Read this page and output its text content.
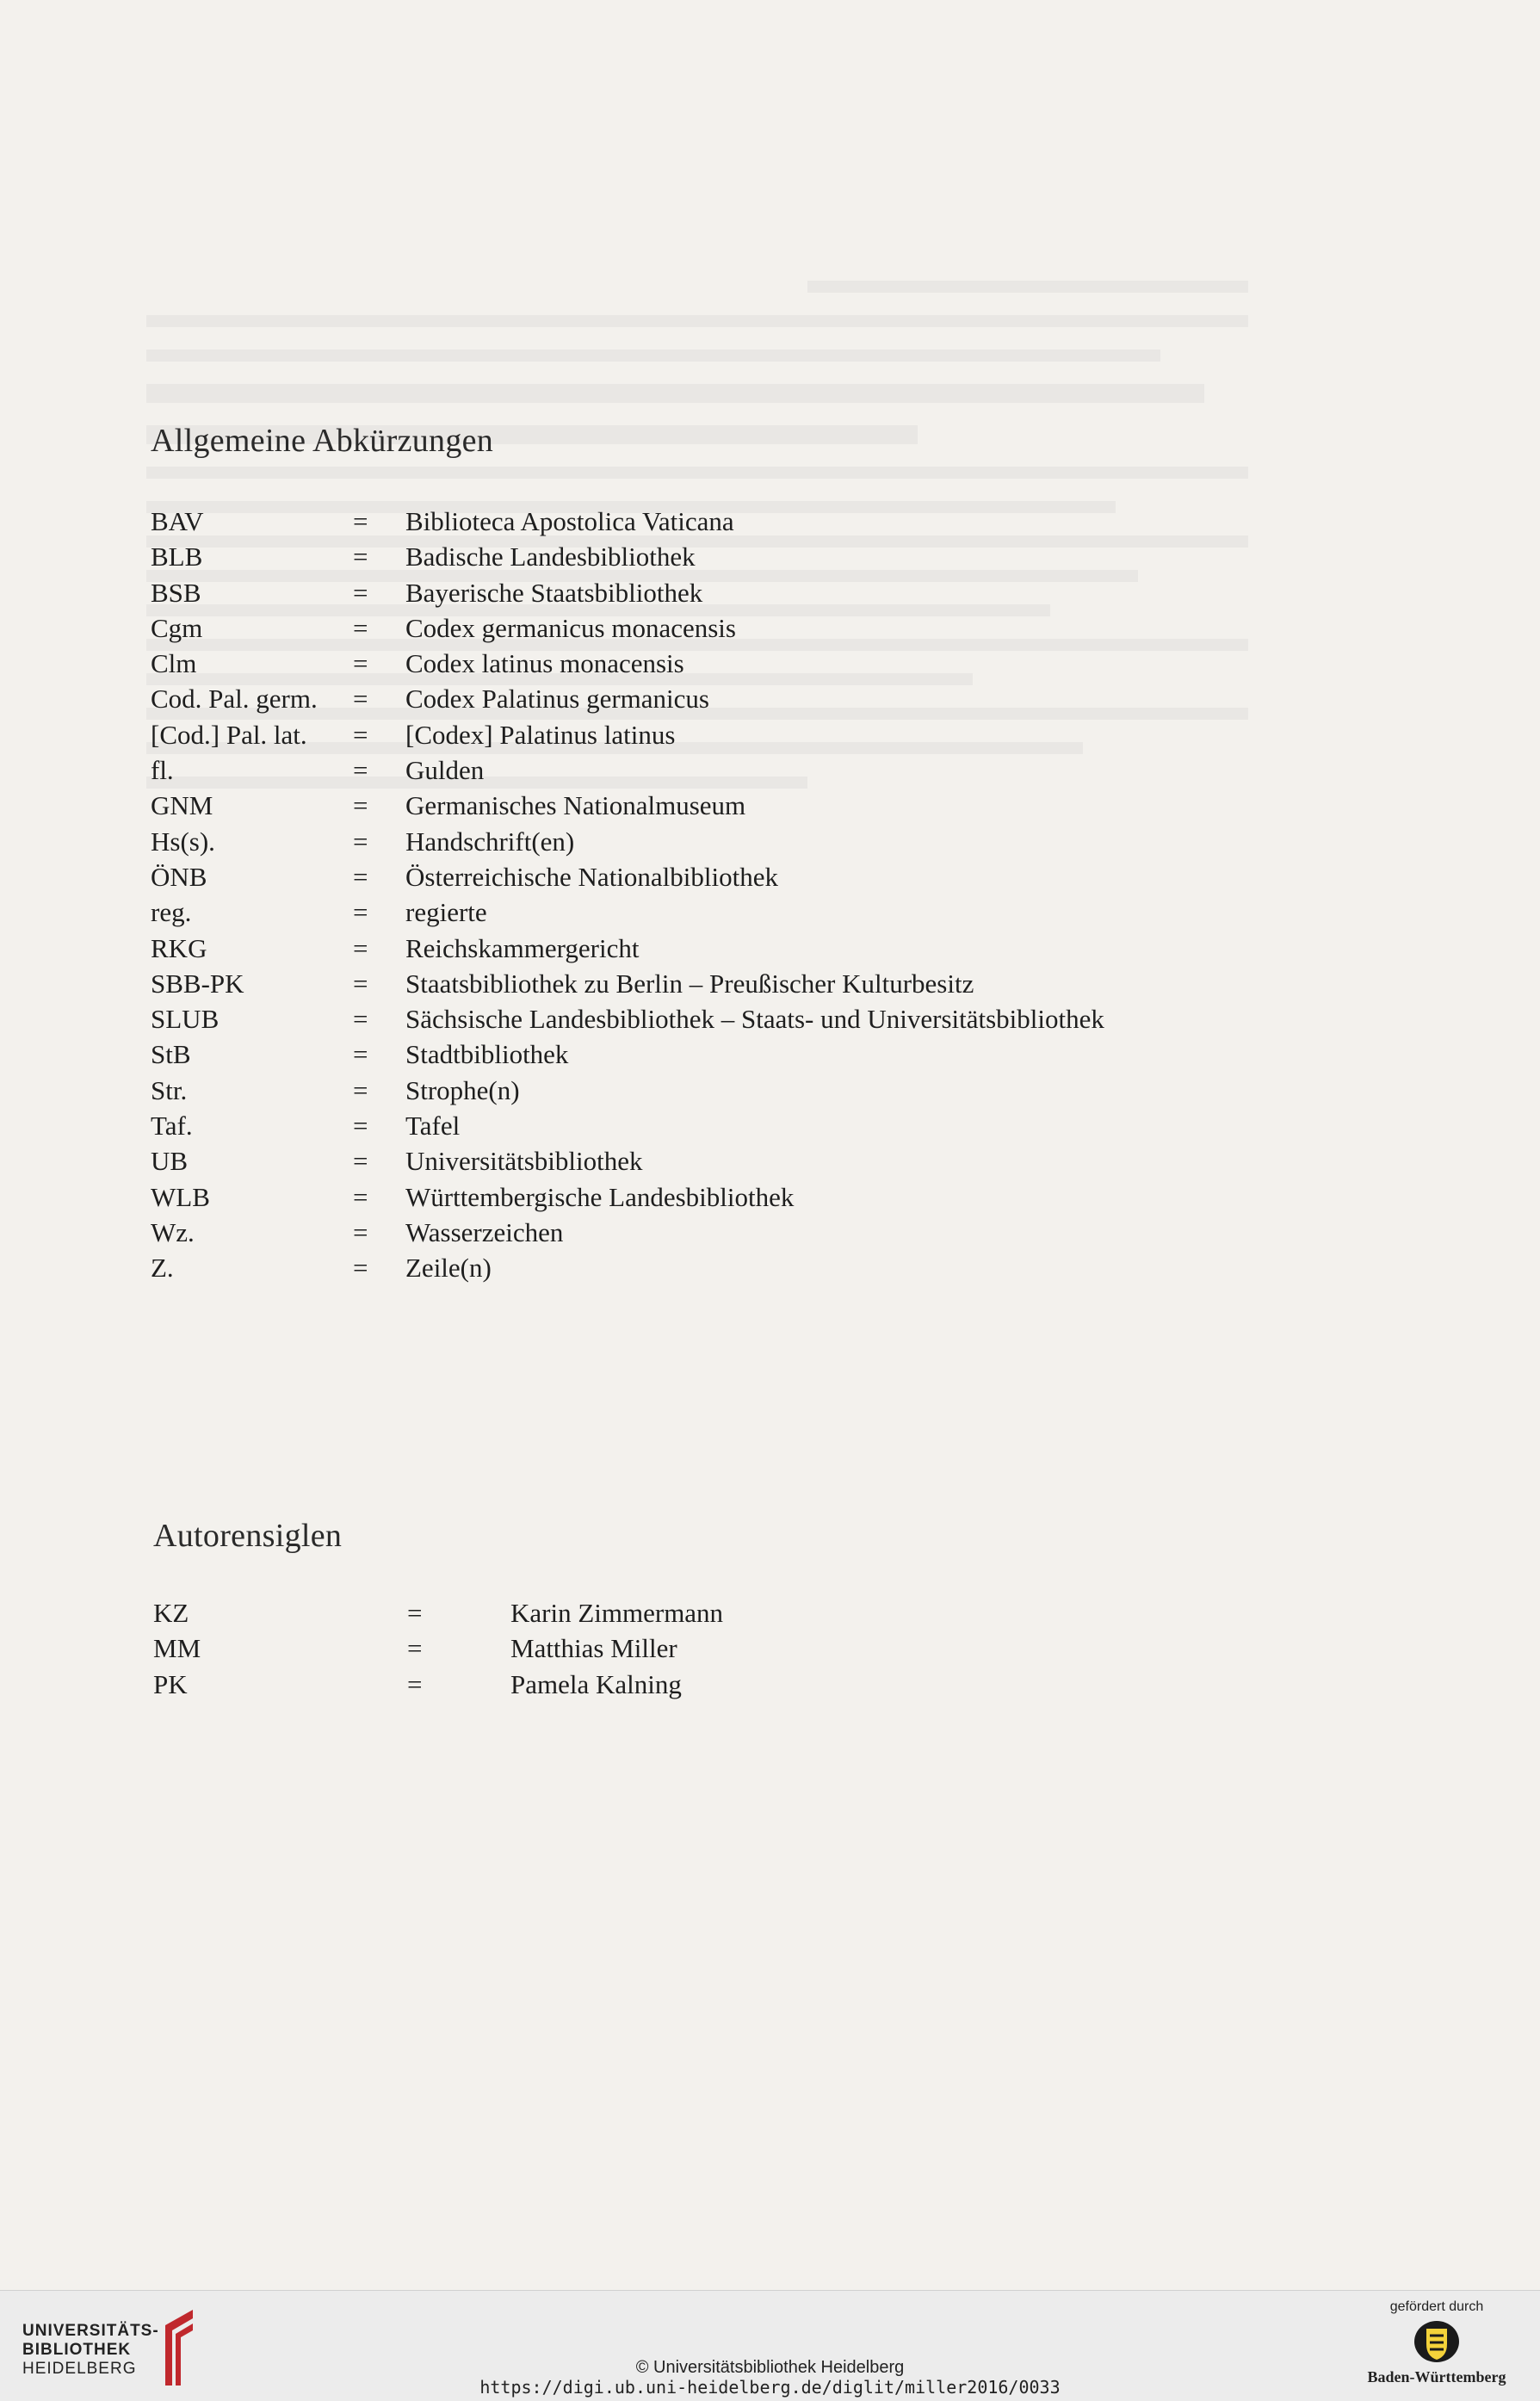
Allgemeine Abkürzungen
BAV	= Biblioteca Apostolica Vaticana
BLB	= Badische Landesbibliothek
BSB	= Bayerische Staatsbibliothek
Cgm	= Codex germanicus monacensis
Clm	= Codex latinus monacensis
Cod. Pal. germ. = Codex Palatinus germanicus
[Cod.] Pal. lat. = [Codex] Palatinus latinus
fl.	= Gulden
GNM	= Germanisches Nationalmuseum
Hs(s).	= Handschrift(en)
ÖNB	= Österreichische Nationalbibliothek
reg.	= regierte
RKG	= Reichskammergericht
SBB-PK	= Staatsbibliothek zu Berlin – Preußischer Kulturbesitz
SLUB	= Sächsische Landesbibliothek – Staats- und Universitätsbibliothek
StB	= Stadtbibliothek
Str.	= Strophe(n)
Taf.	= Tafel
UB	= Universitätsbibliothek
WLB	= Württembergische Landesbibliothek
Wz.	= Wasserzeichen
Z.	= Zeile(n)
Autorensiglen
KZ	=	Karin Zimmermann
MM	=	Matthias Miller
PK	=	Pamela Kalning
UNIVERSITÄTS-
BIBLIOTHEK
HEIDELBERG	© Universitätsbibliothek Heidelberg
https://digi.ub.uni-heidelberg.de/diglit/miller2016/0033
gefördert durch
Baden-Württemberg
